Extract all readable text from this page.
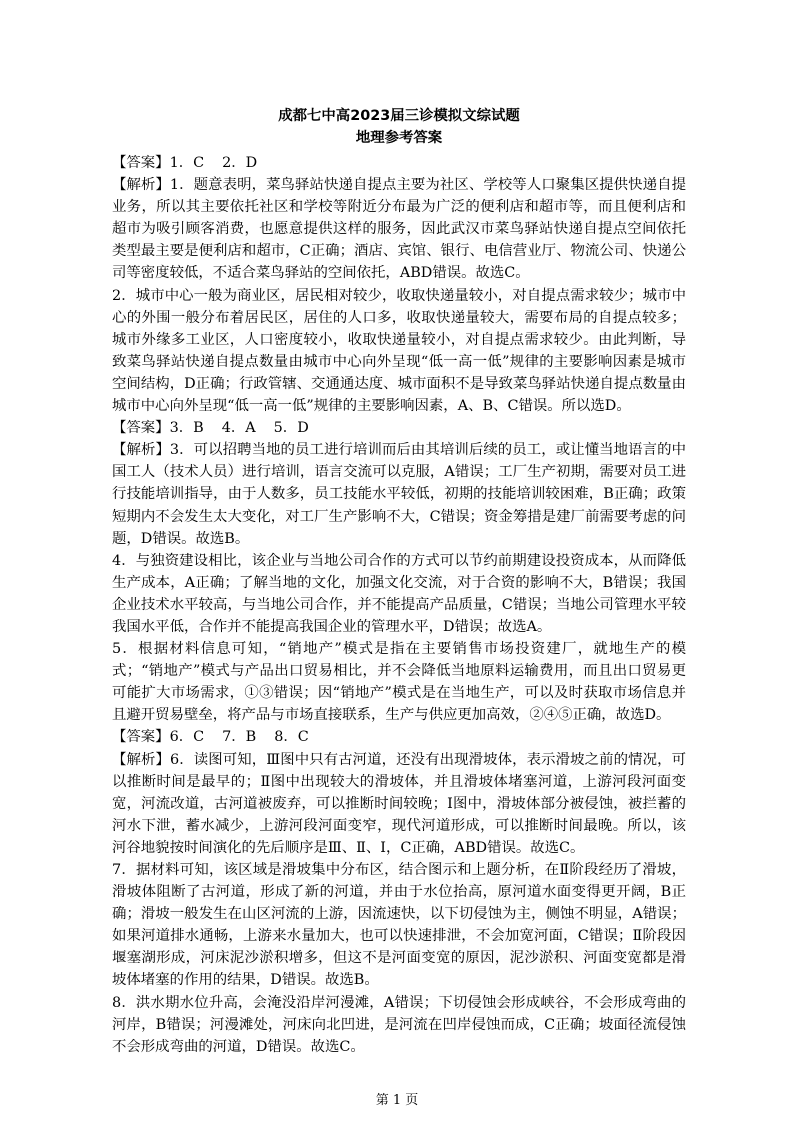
成都七中高2023届三诊模拟文综试题
地理参考答案

【答案】1．C 2．D

【解析】1．题意表明，菜鸟驿站快递自提点主要为社区、学校等人口聚集区提供快递自提业务，所以其主要依托社区和学校等附近分布最为广泛的便利店和超市等，而且便利店和超市为吸引顾客消费，也愿意提供这样的服务，因此武汉市菜鸟驿站快递自提点空间依托类型最主要是便利店和超市，C正确；酒店、宾馆、银行、电信营业厅、物流公司、快递公司等密度较低，不适合菜鸟驿站的空间依托，ABD错误。故选C。

2．城市中心一般为商业区，居民相对较少，收取快递量较小，对自提点需求较少；城市中心的外围一般分布着居民区，居住的人口多，收取快递量较大，需要布局的自提点较多；城市外缘多工业区，人口密度较小，收取快递量较小，对自提点需求较少。由此判断，导致菜鸟驿站快递自提点数量由城市中心向外呈现“低一高一低”规律的主要影响因素是城市空间结构，D正确；行政管辖、交通通达度、城市面积不是导致菜鸟驿站快递自提点数量由城市中心向外呈现“低一高一低”规律的主要影响因素，A、B、C错误。所以选D。

【答案】3．B 4．A 5．D

【解析】3．可以招聘当地的员工进行培训而后由其培训后续的员工，或让懂当地语言的中国工人（技术人员）进行培训，语言交流可以克服，A错误；工厂生产初期，需要对员工进行技能培训指导，由于人数多，员工技能水平较低，初期的技能培训较困难，B正确；政策短期内不会发生太大变化，对工厂生产影响不大，C错误；资金筹措是建厂前需要考虑的问题，D错误。故选B。

4．与独资建设相比，该企业与当地公司合作的方式可以节约前期建设投资成本，从而降低生产成本，A正确；了解当地的文化，加强文化交流，对于合资的影响不大，B错误；我国企业技术水平较高，与当地公司合作，并不能提高产品质量，C错误；当地公司管理水平较我国水平低，合作并不能提高我国企业的管理水平，D错误；故选A。

5．根据材料信息可知，“销地产”模式是指在主要销售市场投资建厂，就地生产的模式；“销地产”模式与产品出口贸易相比，并不会降低当地原料运输费用，而且出口贸易更可能扩大市场需求，①③错误；因“销地产”模式是在当地生产，可以及时获取市场信息并且避开贸易壁垒，将产品与市场直接联系，生产与供应更加高效，②④⑤正确，故选D。

【答案】6．C 7．B 8．C

【解析】6．读图可知，Ⅲ图中只有古河道，还没有出现滑坡体，表示滑坡之前的情况，可以推断时间是最早的；Ⅱ图中出现较大的滑坡体，并且滑坡体堵塞河道，上游河段河面变宽，河流改道，古河道被废弃，可以推断时间较晚；Ⅰ图中，滑坡体部分被侵蚀，被拦蓄的河水下泄，蓄水减少，上游河段河面变窄，现代河道形成，可以推断时间最晚。所以，该河谷地貌按时间演化的先后顺序是Ⅲ、Ⅱ、Ⅰ，C正确，ABD错误。故选C。

7．据材料可知，该区域是滑坡集中分布区，结合图示和上题分析，在Ⅱ阶段经历了滑坡，滑坡体阻断了古河道，形成了新的河道，并由于水位抬高，原河道水面变得更开阔，B正确；滑坡一般发生在山区河流的上游，因流速快，以下切侵蚀为主，侧蚀不明显，A错误；如果河道排水通畅，上游来水量加大，也可以快速排泄，不会加宽河面，C错误；Ⅱ阶段因堰塞湖形成，河床泥沙淤积增多，但这不是河面变宽的原因，泥沙淤积、河面变宽都是滑坡体堵塞的作用的结果，D错误。故选B。

8．洪水期水位升高，会淹没沿岸河漫滩，A错误；下切侵蚀会形成峡谷，不会形成弯曲的河岸，B错误；河漫滩处，河床向北凹进，是河流在凹岸侵蚀而成，C正确；坡面径流侵蚀不会形成弯曲的河道，D错误。故选C。

第 1 页
